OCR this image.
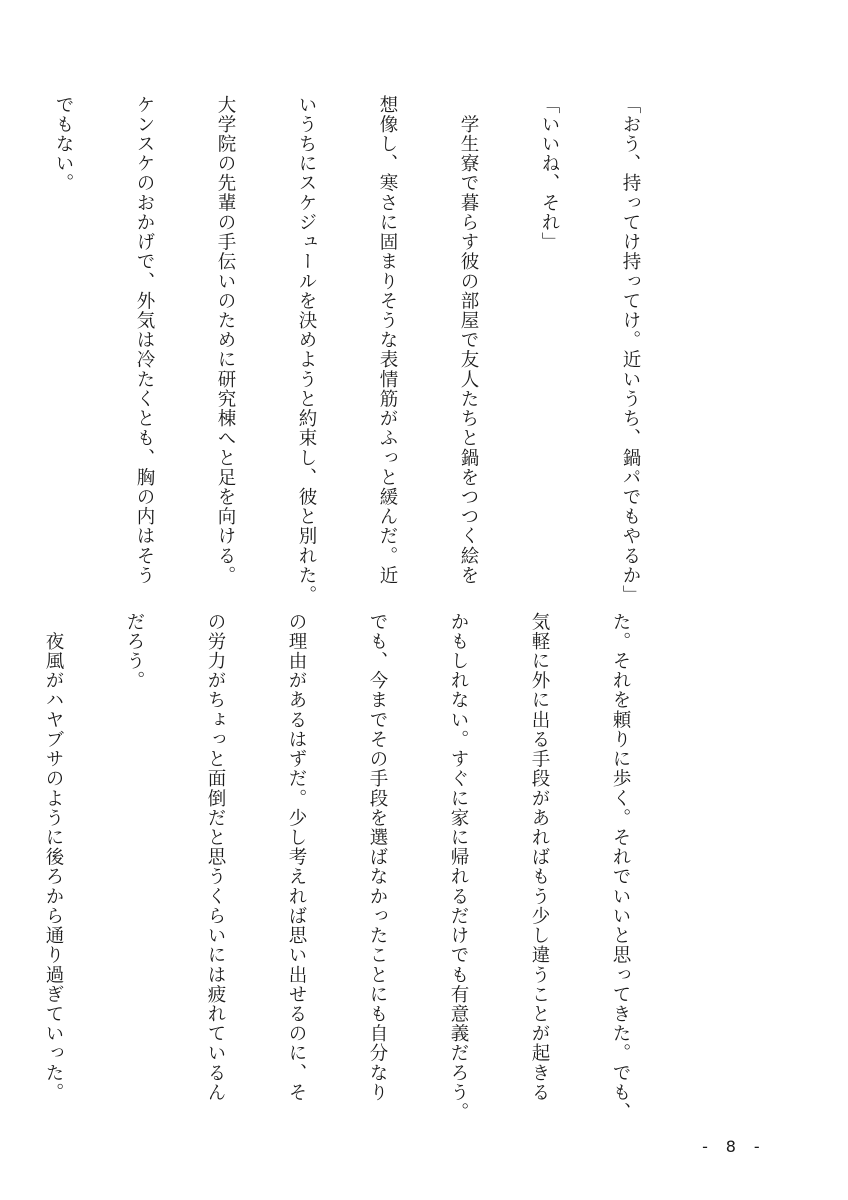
「おう、持ってけ持ってけ。近いうち、鍋パでもやるか」

「いいね、それ」

　学生寮で暮らす彼の部屋で友人たちと鍋をつつく絵を

想像し、寒さに固まりそうな表情筋がふっと緩んだ。近

いうちにスケジュールを決めようと約束し、彼と別れた。

大学院の先輩の手伝いのために研究棟へと足を向ける。

ケンスケのおかげで、外気は冷たくとも、胸の内はそう

でもない。

た。それを頼りに歩く。それでいいと思ってきた。でも、

気軽に外に出る手段があればもう少し違うことが起きる

かもしれない。すぐに家に帰れるだけでも有意義だろう。

でも、今までその手段を選ばなかったことにも自分なり

の理由があるはずだ。少し考えれば思い出せるのに、そ

の労力がちょっと面倒だと思うくらいには疲れているん

だろう。

　夜風がハヤブサのように後ろから通り過ぎていった。

- 8 -
